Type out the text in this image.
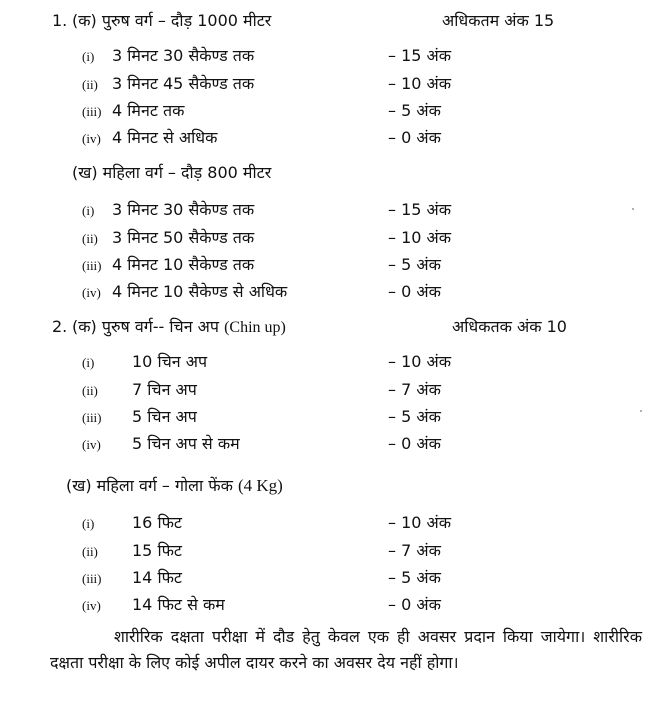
1. (क) पुरुष वर्ग – दौड़ 1000 मीटर	अधिकतम अंक 15
(i) 3 मिनट 30 सैकेण्ड तक	– 15 अंक
(ii) 3 मिनट 45 सैकेण्ड तक	– 10 अंक
(iii) 4 मिनट तक	– 5 अंक
(iv) 4 मिनट से अधिक	– 0 अंक
(ख) महिला वर्ग – दौड़ 800 मीटर
(i) 3 मिनट 30 सैकेण्ड तक	– 15 अंक
(ii) 3 मिनट 50 सैकेण्ड तक	– 10 अंक
(iii) 4 मिनट 10 सैकेण्ड तक	– 5 अंक
(iv) 4 मिनट 10 सैकेण्ड से अधिक	– 0 अंक
2. (क) पुरुष वर्ग-- चिन अप (Chin up)	अधिकतक अंक 10
(i) 10 चिन अप	– 10 अंक
(ii) 7 चिन अप	– 7 अंक
(iii) 5 चिन अप	– 5 अंक
(iv) 5 चिन अप से कम	– 0 अंक
(ख) महिला वर्ग – गोला फेंक (4 Kg)
(i) 16 फिट	– 10 अंक
(ii) 15 फिट	– 7 अंक
(iii) 14 फिट	– 5 अंक
(iv) 14 फिट से कम	– 0 अंक
शारीरिक दक्षता परीक्षा में दौड हेतु केवल एक ही अवसर प्रदान किया जायेगा। शारीरिक दक्षता परीक्षा के लिए कोई अपील दायर करने का अवसर देय नहीं होगा।
